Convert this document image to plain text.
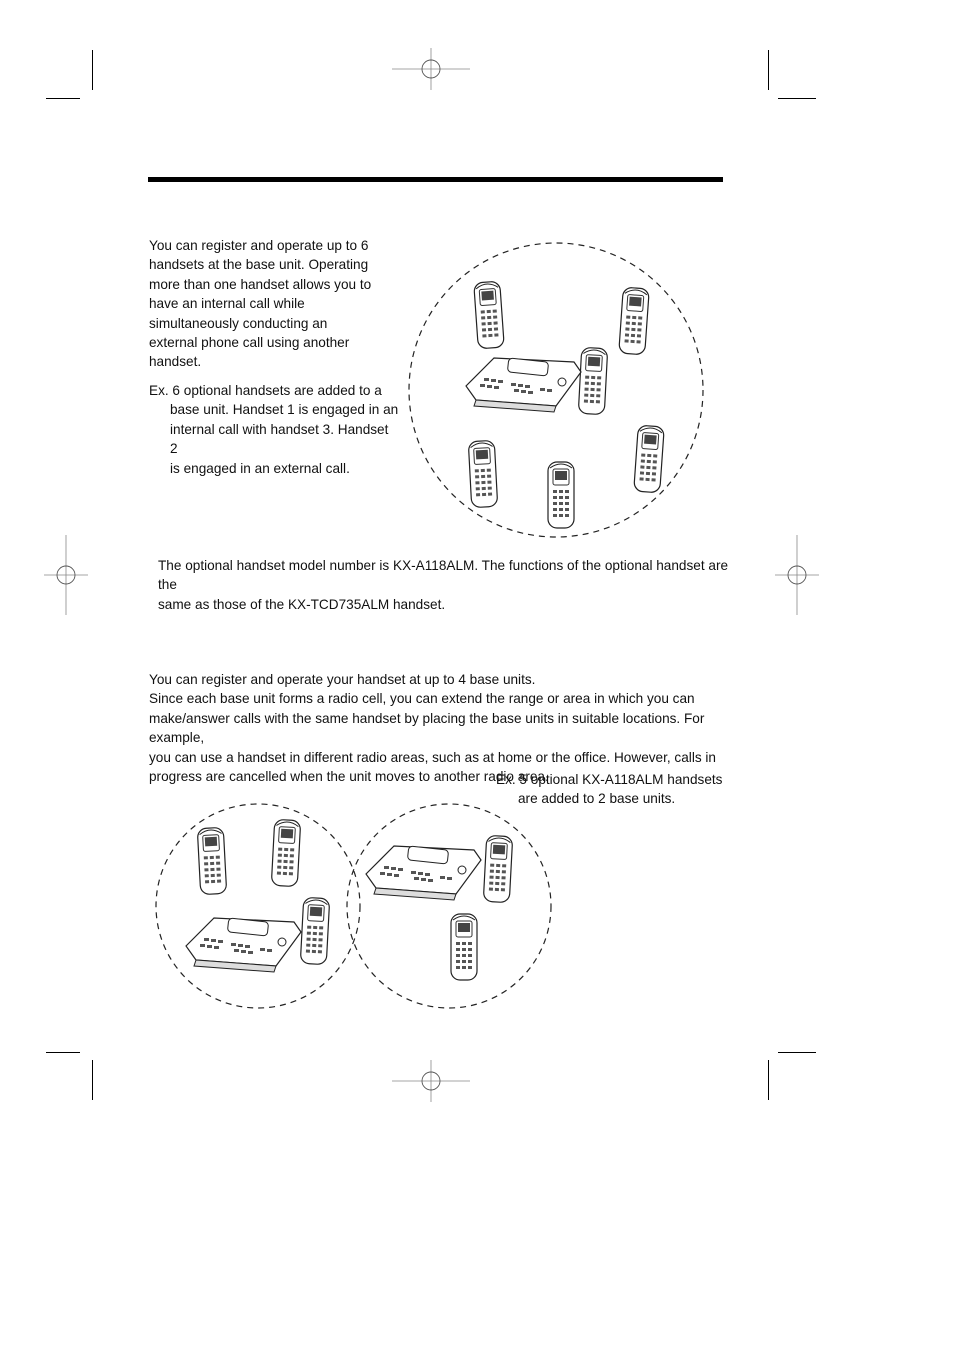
You can register and operate up to 6
handsets at the base unit. Operating
more than one handset allows you to
have an internal call while
simultaneously conducting an
external phone call using another
handset.
Ex. 6 optional handsets are added to a
base unit. Handset 1 is engaged in an
internal call with handset 3. Handset 2
is engaged in an external call.
The optional handset model number is KX-A118ALM. The functions of the optional handset are the
same as those of the KX-TCD735ALM handset.
You can register and operate your handset at up to 4 base units.
Since each base unit forms a radio cell, you can extend the range or area in which you can
make/answer calls with the same handset by placing the base units in suitable locations. For example,
you can use a handset in different radio areas, such as at home or the office. However, calls in
progress are cancelled when the unit moves to another radio area.
Ex. 5 optional KX-A118ALM handsets
are added to 2 base units.
